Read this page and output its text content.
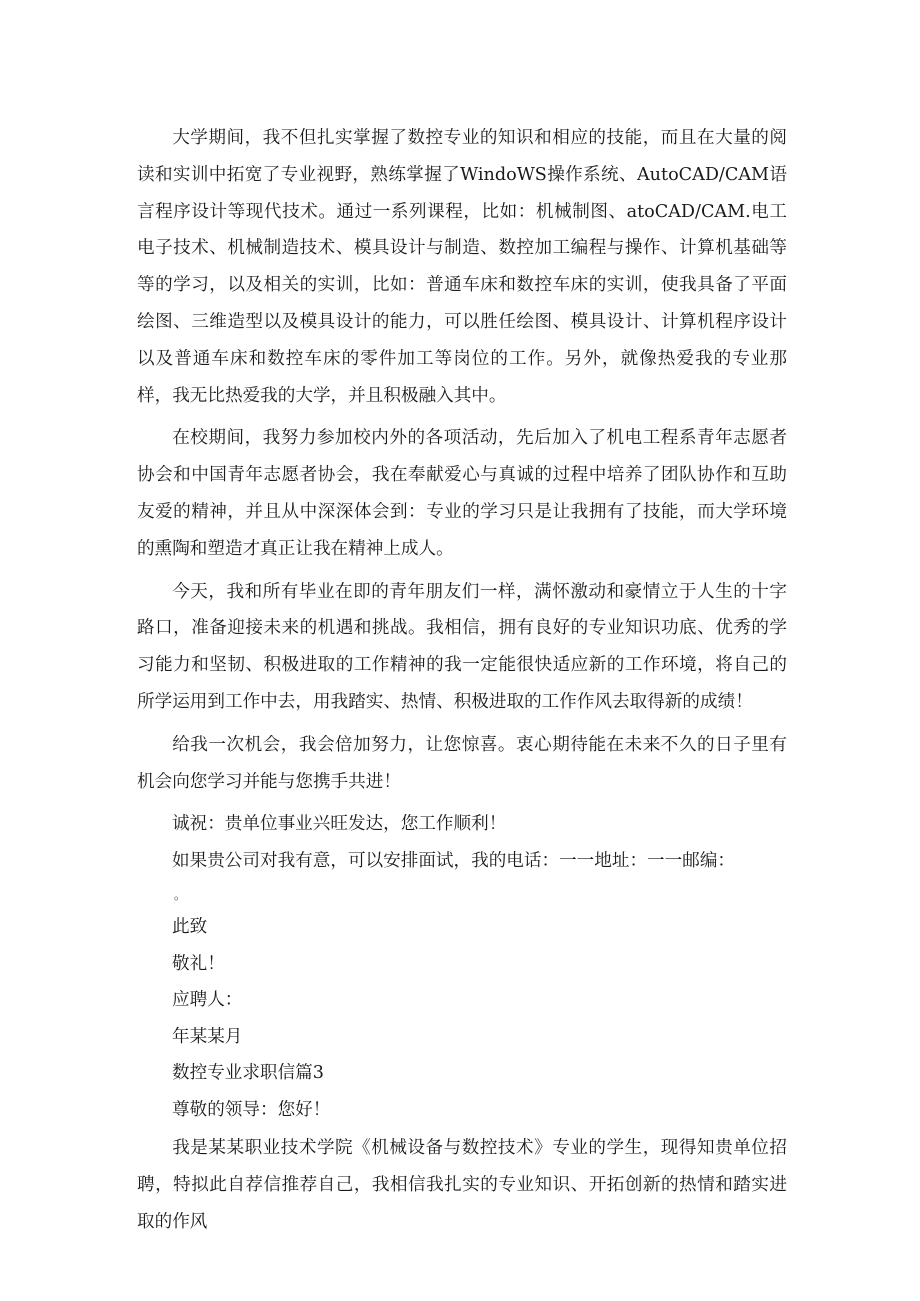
大学期间，我不但扎实掌握了数控专业的知识和相应的技能，而且在大量的阅读和实训中拓宽了专业视野，熟练掌握了WindoWS操作系统、AutoCAD/CAM语言程序设计等现代技术。通过一系列课程，比如：机械制图、atoCAD/CAM.电工电子技术、机械制造技术、模具设计与制造、数控加工编程与操作、计算机基础等等的学习，以及相关的实训，比如：普通车床和数控车床的实训，使我具备了平面绘图、三维造型以及模具设计的能力，可以胜任绘图、模具设计、计算机程序设计以及普通车床和数控车床的零件加工等岗位的工作。另外，就像热爱我的专业那样，我无比热爱我的大学，并且积极融入其中。

在校期间，我努力参加校内外的各项活动，先后加入了机电工程系青年志愿者协会和中国青年志愿者协会，我在奉献爱心与真诚的过程中培养了团队协作和互助友爱的精神，并且从中深深体会到：专业的学习只是让我拥有了技能，而大学环境的熏陶和塑造才真正让我在精神上成人。

今天，我和所有毕业在即的青年朋友们一样，满怀激动和豪情立于人生的十字路口，准备迎接未来的机遇和挑战。我相信，拥有良好的专业知识功底、优秀的学习能力和坚韧、积极进取的工作精神的我一定能很快适应新的工作环境，将自己的所学运用到工作中去，用我踏实、热情、积极进取的工作作风去取得新的成绩！

给我一次机会，我会倍加努力，让您惊喜。衷心期待能在未来不久的日子里有机会向您学习并能与您携手共进！

诚祝：贵单位事业兴旺发达，您工作顺利！

如果贵公司对我有意，可以安排面试，我的电话：一一地址：一一邮编：

。

此致

敬礼！

应聘人：

年某某月

数控专业求职信篇3

尊敬的领导：您好！

我是某某职业技术学院《机械设备与数控技术》专业的学生，现得知贵单位招聘，特拟此自荐信推荐自己，我相信我扎实的专业知识、开拓创新的热情和踏实进取的作风
